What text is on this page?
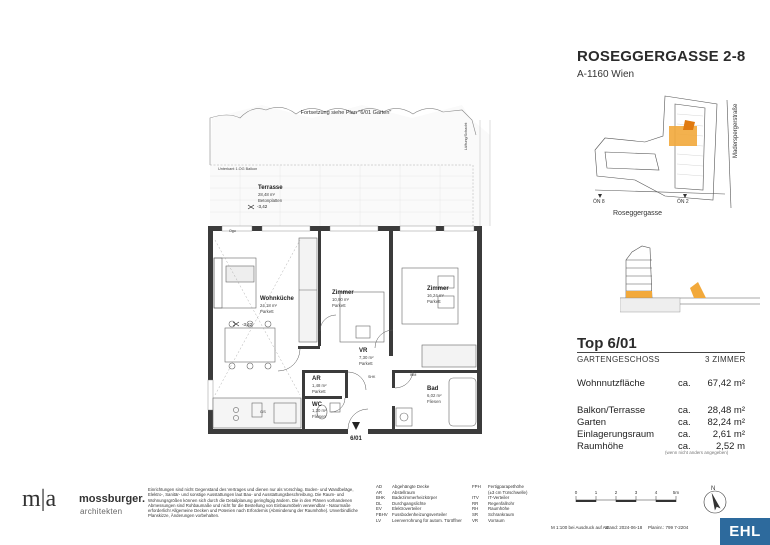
Fortsetzung siehe Plan "6/01 Garten"
Unterkant 1.OG Balkon
Lüftung/Schacht
Terrasse
28,48 m²
Betonplatten
-3,42
Wohnküche
24,18 m²
Parkett
-3,42
Zimmer
10,90 m²
Parkett
Zimmer
16,24 m²
Parkett
VR
7,30 m²
Parkett
AR
1,48 m²
Parkett
WC
1,30 m²
Fliesen
Bad
6,02 m²
Fliesen
Ogu
GS
WM
SHK
6/01
Maderspergerstraße
Roseggergasse
ÖN 8	ÖN 2
ROSEGGERGASSE 2-8
A-1160 Wien
Top 6/01
GARTENGESCHOSS	3 ZIMMER
Wohnnutzfläche	ca. 67,42 m²
Balkon/Terrasse	ca. 28,48 m²
Garten	ca. 82,24 m²
Einlagerungsraum	ca. 2,61 m²
Raumhöhe	ca.	2,52 m
(wenn nicht anders angegeben)
m|a mossburger.
architekten
Einrichtungen sind nicht Gegenstand des Vertrages und dienen nur als Vorschlag. Boden- und Wandbeläge, Elektro-, Sanitär- und sonstige Ausstattungen laut Bau- und Ausstattungsbeschreibung. Die Raum- und Wohnungsgrößen können sich durch die Detailplanung geringfügig ändern. Die in den Plänen vorhandenen Abmessungen sind Rohbaumaße und nicht für die Bestellung von Einbaumöbeln verwendbar - Naturmaße erforderlich! Allgemeine Decken und Potenien nach Erfordernis (Abminderung der Raumhöhe). Unverbindliche Planskizze, Änderungen vorbehalten.
AD Abgehängte Decke
AR Abstellraum
BHK Badezimmerheizkörper
DL Durchgangslichte
EV Elektroverteiler
FBHV Fussbodenheizungsverteiler
LV Leerverrohrung für autom. Türöffner
FPH Fertigparapethöhe
(±3 cm Türschwelle)
ITV IT-Verteiler
RR Regenfallrohr
RH Raumhöhe
SR Schrankraum
VR Vorraum
0	1	2	3	4	5m
M 1:100 bei Ausdruck auf A4
Stand: 2024-06-18 Planinr.: 799 7-2204
N
EHL
